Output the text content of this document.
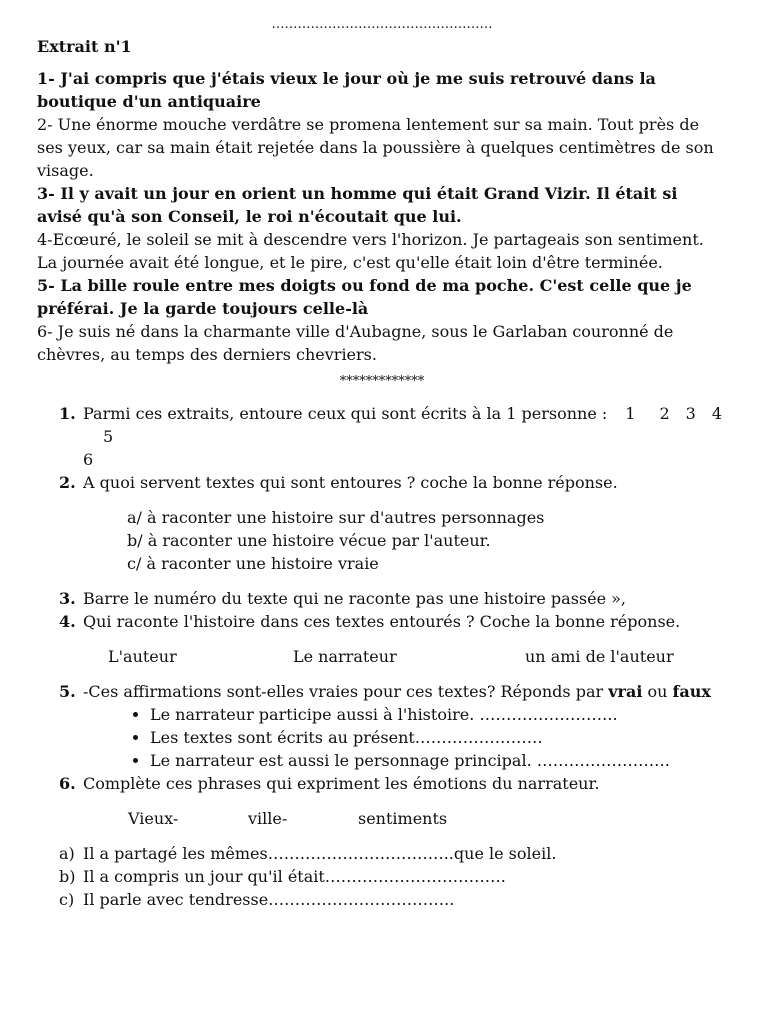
……………………………………………
Extrait n'1
1- J'ai compris que j'étais vieux le jour où je me suis retrouvé dans la boutique d'un antiquaire
2- Une énorme mouche verdâtre se promena lentement sur sa main. Tout près de ses yeux, car sa main était rejetée dans la poussière à quelques centimètres de son visage.
3- Il y avait un jour en orient un homme qui était Grand Vizir. Il était si avisé qu'à son Conseil, le roi n'écoutait que lui.
4-Ecœuré, le soleil se mit à descendre vers l'horizon. Je partageais son sentiment. La journée avait été longue, et le pire, c'est qu'elle était loin d'être terminée.
5- La bille roule entre mes doigts ou fond de ma poche. C'est celle que je préférai. Je la garde toujours celle-là
6- Je suis né dans la charmante ville d'Aubagne, sous le Garlaban couronné de chèvres, au temps des derniers chevriers.
*************
1. Parmi ces extraits, entoure ceux qui sont écrits à la 1 personne : 1 2 3 45
6
2. A quoi servent textes qui sont entoures ? coche la bonne réponse.
a/ à raconter une histoire sur d'autres personnages
b/ à raconter une histoire vécue par l'auteur.
c/ à raconter une histoire vraie
3. Barre le numéro du texte qui ne raconte pas une histoire passée »,
4. Qui raconte l'histoire dans ces textes entourés ? Coche la bonne réponse.
L'auteur	Le narrateur	un ami de l'auteur
5. -Ces affirmations sont-elles vraies pour ces textes? Réponds par vrai ou faux
• Le narrateur participe aussi à l'histoire. ……………………..
• Les textes sont écrits au présent……………………
• Le narrateur est aussi le personnage principal. …………………….
6. Complète ces phrases qui expriment les émotions du narrateur.
Vieux-	ville-	sentiments
a) Il a partagé les mêmes……………………………..que le soleil.
b) Il a compris un jour qu'il était…………………………….
c) Il parle avec tendresse……………………………..
